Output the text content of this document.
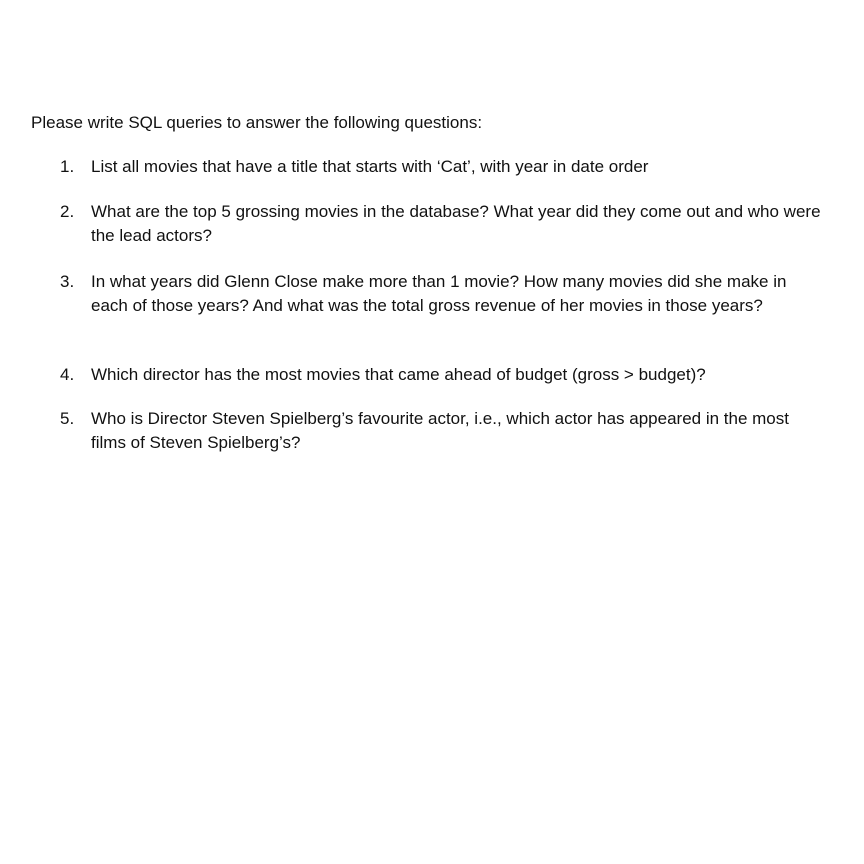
Please write SQL queries to answer the following questions:

1. List all movies that have a title that starts with ‘Cat’, with year in date order
2. What are the top 5 grossing movies in the database? What year did they come out and who were the lead actors?
3. In what years did Glenn Close make more than 1 movie? How many movies did she make in each of those years? And what was the total gross revenue of her movies in those years?
4. Which director has the most movies that came ahead of budget (gross > budget)?
5. Who is Director Steven Spielberg’s favourite actor, i.e., which actor has appeared in the most films of Steven Spielberg’s?
